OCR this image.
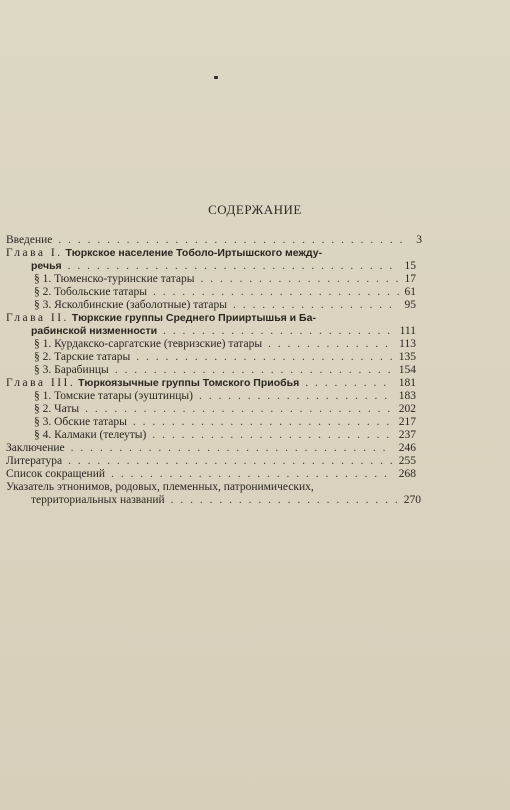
СОДЕРЖАНИЕ
Введение . . .	3
Глава I. Тюркское население Тоболо-Иртышского между-
речья . . .	15
§ 1. Тюменско-туринские татары . . .	17
§ 2. Тобольские татары . . .	61
§ 3. Ясколбинские (заболотные) татары . . .	95
Глава II. Тюркские группы Среднего Прииртышья и Ба-
рабинской низменности . . .	111
§ 1. Курдакско-саргатские (тевризские) татары . . .	113
§ 2. Тарские татары . . .	135
§ 3. Барабинцы . . .	154
Глава III. Тюркоязычные группы Томского Приобья . . .	181
§ 1. Томские татары (эуштинцы) . . .	183
§ 2. Чаты . . .	202
§ 3. Обские татары . . .	217
§ 4. Калмаки (телеуты) . . .	237
Заключение . . .	246
Литература . . .	255
Список сокращений . . .	268
Указатель этнонимов, родовых, племенных, патронимических,
территориальных названий . . .	270
